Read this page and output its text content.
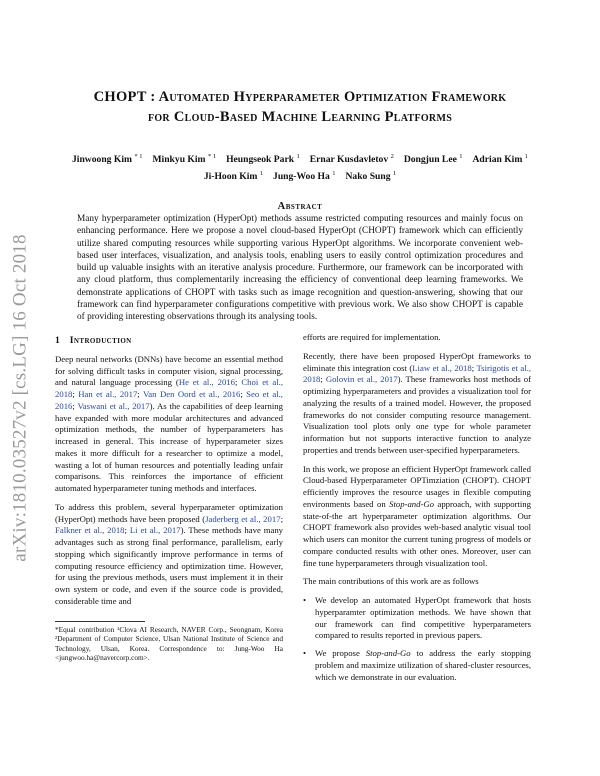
arXiv:1810.03527v2 [cs.LG] 16 Oct 2018
CHOPT : Automated Hyperparameter Optimization Framework
for Cloud-Based Machine Learning Platforms
Jinwoong Kim $^{* 1}$ Minkyu Kim $^{* 1}$ Heungseok Park $^1$ Ernar Kusdavletov $^2$ Dongjun Lee $^1$ Adrian Kim $^1$
Ji-Hoon Kim $^1$ Jung-Woo Ha $^1$ Nako Sung $^1$
Abstract
Many hyperparameter optimization (HyperOpt) methods assume restricted computing resources and mainly focus on enhancing performance. Here we propose a novel cloud-based HyperOpt (CHOPT) framework which can efficiently utilize shared computing resources while supporting various HyperOpt algorithms. We incorporate convenient web-based user interfaces, visualization, and analysis tools, enabling users to easily control optimization procedures and build up valuable insights with an iterative analysis procedure. Furthermore, our framework can be incorporated with any cloud platform, thus complementarily increasing the efficiency of conventional deep learning frameworks. We demonstrate applications of CHOPT with tasks such as image recognition and question-answering, showing that our framework can find hyperparameter configurations competitive with previous work. We also show CHOPT is capable of providing interesting observations through its analysing tools.
1 Introduction

Deep neural networks (DNNs) have become an essential method for solving difficult tasks in computer vision, signal processing, and natural language processing (He et al., 2016; Choi et al., 2018; Han et al., 2017; Van Den Oord et al., 2016; Seo et al., 2016; Vaswani et al., 2017). As the capabilities of deep learning have expanded with more modular architectures and advanced optimization methods, the number of hyperparameters has increased in general. This increase of hyperparameter sizes makes it more difficult for a researcher to optimize a model, wasting a lot of human resources and potentially leading unfair comparisons. This reinforces the importance of efficient automated hyperparameter tuning methods and interfaces.

To address this problem, several hyperparameter optimization (HyperOpt) methods have been proposed (Jaderberg et al., 2017; Falkner et al., 2018; Li et al., 2017). These methods have many advantages such as strong final performance, parallelism, early stopping which significantly improve performance in terms of computing resource efficiency and optimization time. However, for using the previous methods, users must implement it in their own system or code, and even if the source code is provided, considerable time and

*Equal contribution ¹Clova AI Research, NAVER Corp., Seongnam, Korea ²Department of Computer Science, Ulsan National Institute of Science and Technology, Ulsan, Korea. Correspondence to: Jung-Woo Ha <jungwoo.ha@navercorp.com>.

efforts are required for implementation.

Recently, there have been proposed HyperOpt frameworks to eliminate this integration cost (Liaw et al., 2018; Tsirigotis et al., 2018; Golovin et al., 2017). These frameworks host methods of optimizing hyperparameters and provides a visualization tool for analyzing the results of a trained model. However, the proposed frameworks do not consider computing resource management. Visualization tool plots only one type for whole parameter information but not supports interactive function to analyze properties and trends between user-specified hyperparameters.

In this work, we propose an efficient HyperOpt framework called Cloud-based Hyperparameter OPTimziation (CHOPT). CHOPT efficiently improves the resource usages in flexible computing environments based on Stop-and-Go approach, with supporting state-of-the art hyperparameter optimization algorithms. Our CHOPT framework also provides web-based analytic visual tool which users can monitor the current tuning progress of models or compare conducted results with other ones. Moreover, user can fine tune hyperparameters through visualization tool.

The main contributions of this work are as follows

• We develop an automated HyperOpt framework that hosts hyperparamter optimization methods. We have shown that our framework can find competitive hyperparameters compared to results reported in previous papers.
• We propose Stop-and-Go to address the early stopping problem and maximize utilization of shared-cluster resources, which we demonstrate in our evaluation.
